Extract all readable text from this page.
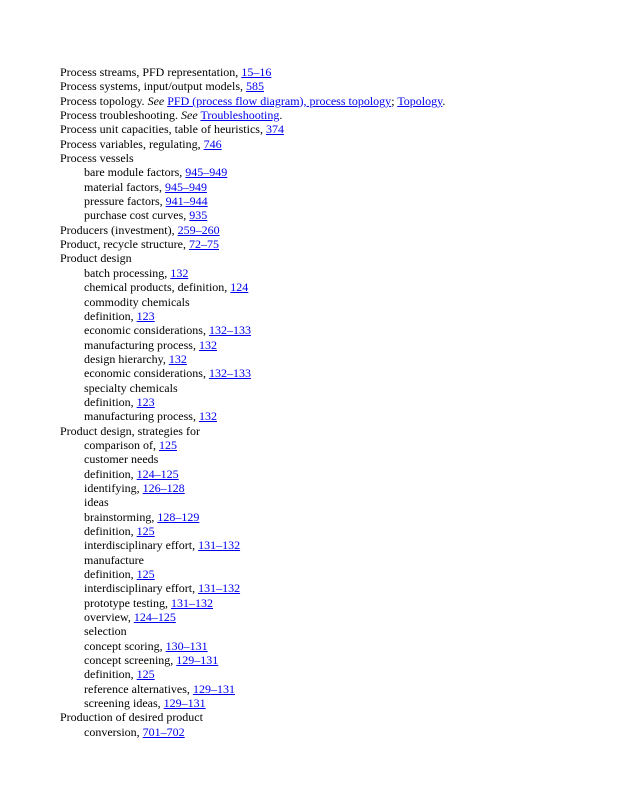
Process streams, PFD representation, 15–16
Process systems, input/output models, 585
Process topology. See PFD (process flow diagram), process topology; Topology.
Process troubleshooting. See Troubleshooting.
Process unit capacities, table of heuristics, 374
Process variables, regulating, 746
Process vessels
bare module factors, 945–949
material factors, 945–949
pressure factors, 941–944
purchase cost curves, 935
Producers (investment), 259–260
Product, recycle structure, 72–75
Product design
batch processing, 132
chemical products, definition, 124
commodity chemicals
definition, 123
economic considerations, 132–133
manufacturing process, 132
design hierarchy, 132
economic considerations, 132–133
specialty chemicals
definition, 123
manufacturing process, 132
Product design, strategies for
comparison of, 125
customer needs
definition, 124–125
identifying, 126–128
ideas
brainstorming, 128–129
definition, 125
interdisciplinary effort, 131–132
manufacture
definition, 125
interdisciplinary effort, 131–132
prototype testing, 131–132
overview, 124–125
selection
concept scoring, 130–131
concept screening, 129–131
definition, 125
reference alternatives, 129–131
screening ideas, 129–131
Production of desired product
conversion, 701–702
